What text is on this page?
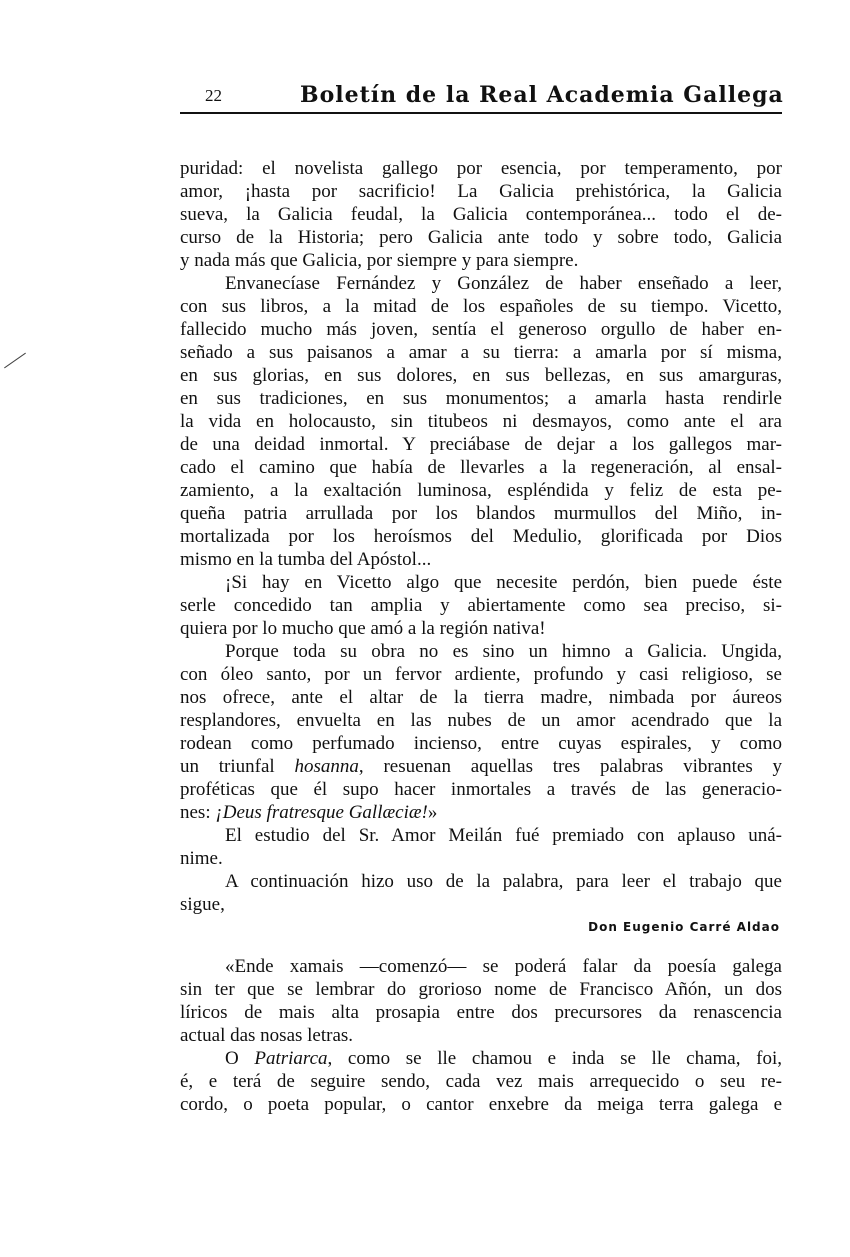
22	Boletín de la Real Academia Gallega
puridad: el novelista gallego por esencia, por temperamento, por
amor, ¡hasta por sacrificio! La Galicia prehistórica, la Galicia
sueva, la Galicia feudal, la Galicia contemporánea... todo el de-
curso de la Historia; pero Galicia ante todo y sobre todo, Galicia
y nada más que Galicia, por siempre y para siempre.
Envanecíase Fernández y González de haber enseñado a leer,
con sus libros, a la mitad de los españoles de su tiempo. Vicetto,
fallecido mucho más joven, sentía el generoso orgullo de haber en-
señado a sus paisanos a amar a su tierra: a amarla por sí misma,
en sus glorias, en sus dolores, en sus bellezas, en sus amarguras,
en sus tradiciones, en sus monumentos; a amarla hasta rendirle
la vida en holocausto, sin titubeos ni desmayos, como ante el ara
de una deidad inmortal. Y preciábase de dejar a los gallegos mar-
cado el camino que había de llevarles a la regeneración, al ensal-
zamiento, a la exaltación luminosa, espléndida y feliz de esta pe-
queña patria arrullada por los blandos murmullos del Miño, in-
mortalizada por los heroísmos del Medulio, glorificada por Dios
mismo en la tumba del Apóstol...
¡Si hay en Vicetto algo que necesite perdón, bien puede éste
serle concedido tan amplia y abiertamente como sea preciso, si-
quiera por lo mucho que amó a la región nativa!
Porque toda su obra no es sino un himno a Galicia. Ungida,
con óleo santo, por un fervor ardiente, profundo y casi religioso, se
nos ofrece, ante el altar de la tierra madre, nimbada por áureos
resplandores, envuelta en las nubes de un amor acendrado que la
rodean como perfumado incienso, entre cuyas espirales, y como
un triunfal hosanna, resuenan aquellas tres palabras vibrantes y
proféticas que él supo hacer inmortales a través de las generacio-
nes: ¡Deus fratresque Gallæciæ!»
El estudio del Sr. Amor Meilán fué premiado con aplauso uná-
nime.
A continuación hizo uso de la palabra, para leer el trabajo que
sigue,
«Ende xamais —comenzó— se poderá falar da poesía galega
sin ter que se lembrar do grorioso nome de Francisco Añón, un dos
líricos de mais alta prosapia entre dos precursores da renascencia
actual das nosas letras.
O Patriarca, como se lle chamou e inda se lle chama, foi,
é, e terá de seguire sendo, cada vez mais arrequecido o seu re-
cordo, o poeta popular, o cantor enxebre da meiga terra galega e
Don Eugenio Carré Aldao
